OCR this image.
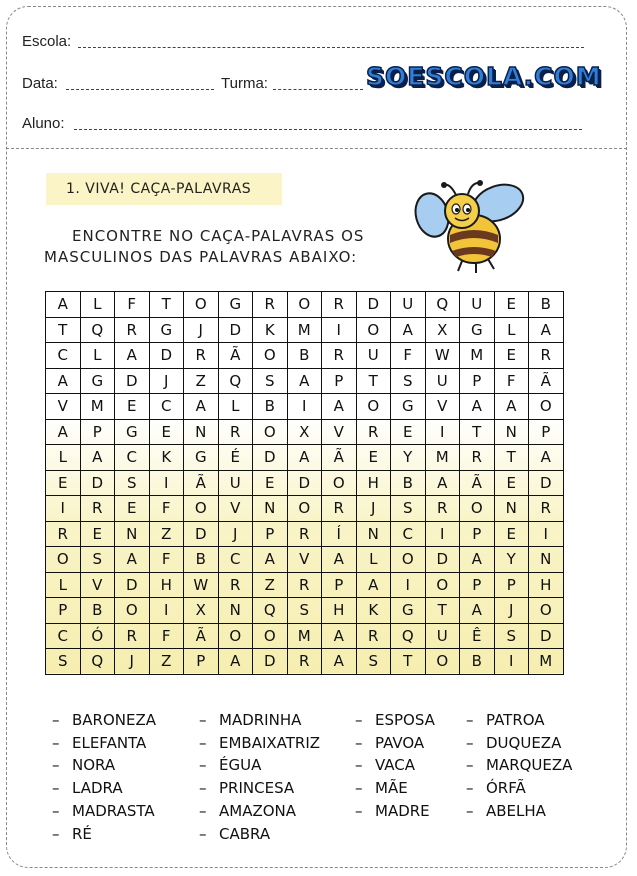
Escola:
Data:	Turma:	SOESCOLA.COM
Aluno:
1. VIVA! CAÇA-PALAVRAS
ENCONTRE NO CAÇA-PALAVRAS OS
MASCULINOS DAS PALAVRAS ABAIXO:
A	L	F	T	O	G	R	O	R	D	U	Q	U	E	B
T	Q	R	G	J	D	K	M	I	O	A	X	G	L	A
C	L	A	D	R	Ã	O	B	R	U	F	W	M	E	R
A	G	D	J	Z	Q	S	A	P	T	S	U	P	F	Ã
V	M	E	C	A	L	B	I	A	O	G	V	A	A	O
A	P	G	E	N	R	O	X	V	R	E	I	T	N	P
L	A	C	K	G	É	D	A	Ã	E	Y	M	R	T	A
E	D	S	I	Ã	U	E	D	O	H	B	A	Ã	E	D
I	R	E	F	O	V	N	O	R	J	S	R	O	N	R
R	E	N	Z	D	J	P	R	Í	N	C	I	P	E	I
O	S	A	F	B	C	A	V	A	L	O	D	A	Y	N
L	V	D	H	W	R	Z	R	P	A	I	O	P	P	H
P	B	O	I	X	N	Q	S	H	K	G	T	A	J	O
C	Ó	R	F	Ã	O	O	M	A	R	Q	U	Ê	S	D
S	Q	J	Z	P	A	D	R	A	S	T	O	B	I	M
– BARONEZA
– ELEFANTA
– NORA
– LADRA
– MADRASTA
– RÉ
– MADRINHA
– EMBAIXATRIZ
– ÉGUA
– PRINCESA
– AMAZONA
– CABRA
– ESPOSA
– PAVOA
– VACA
– MÃE
– MADRE
– PATROA
– DUQUEZA
– MARQUEZA
– ÓRFÃ
– ABELHA
